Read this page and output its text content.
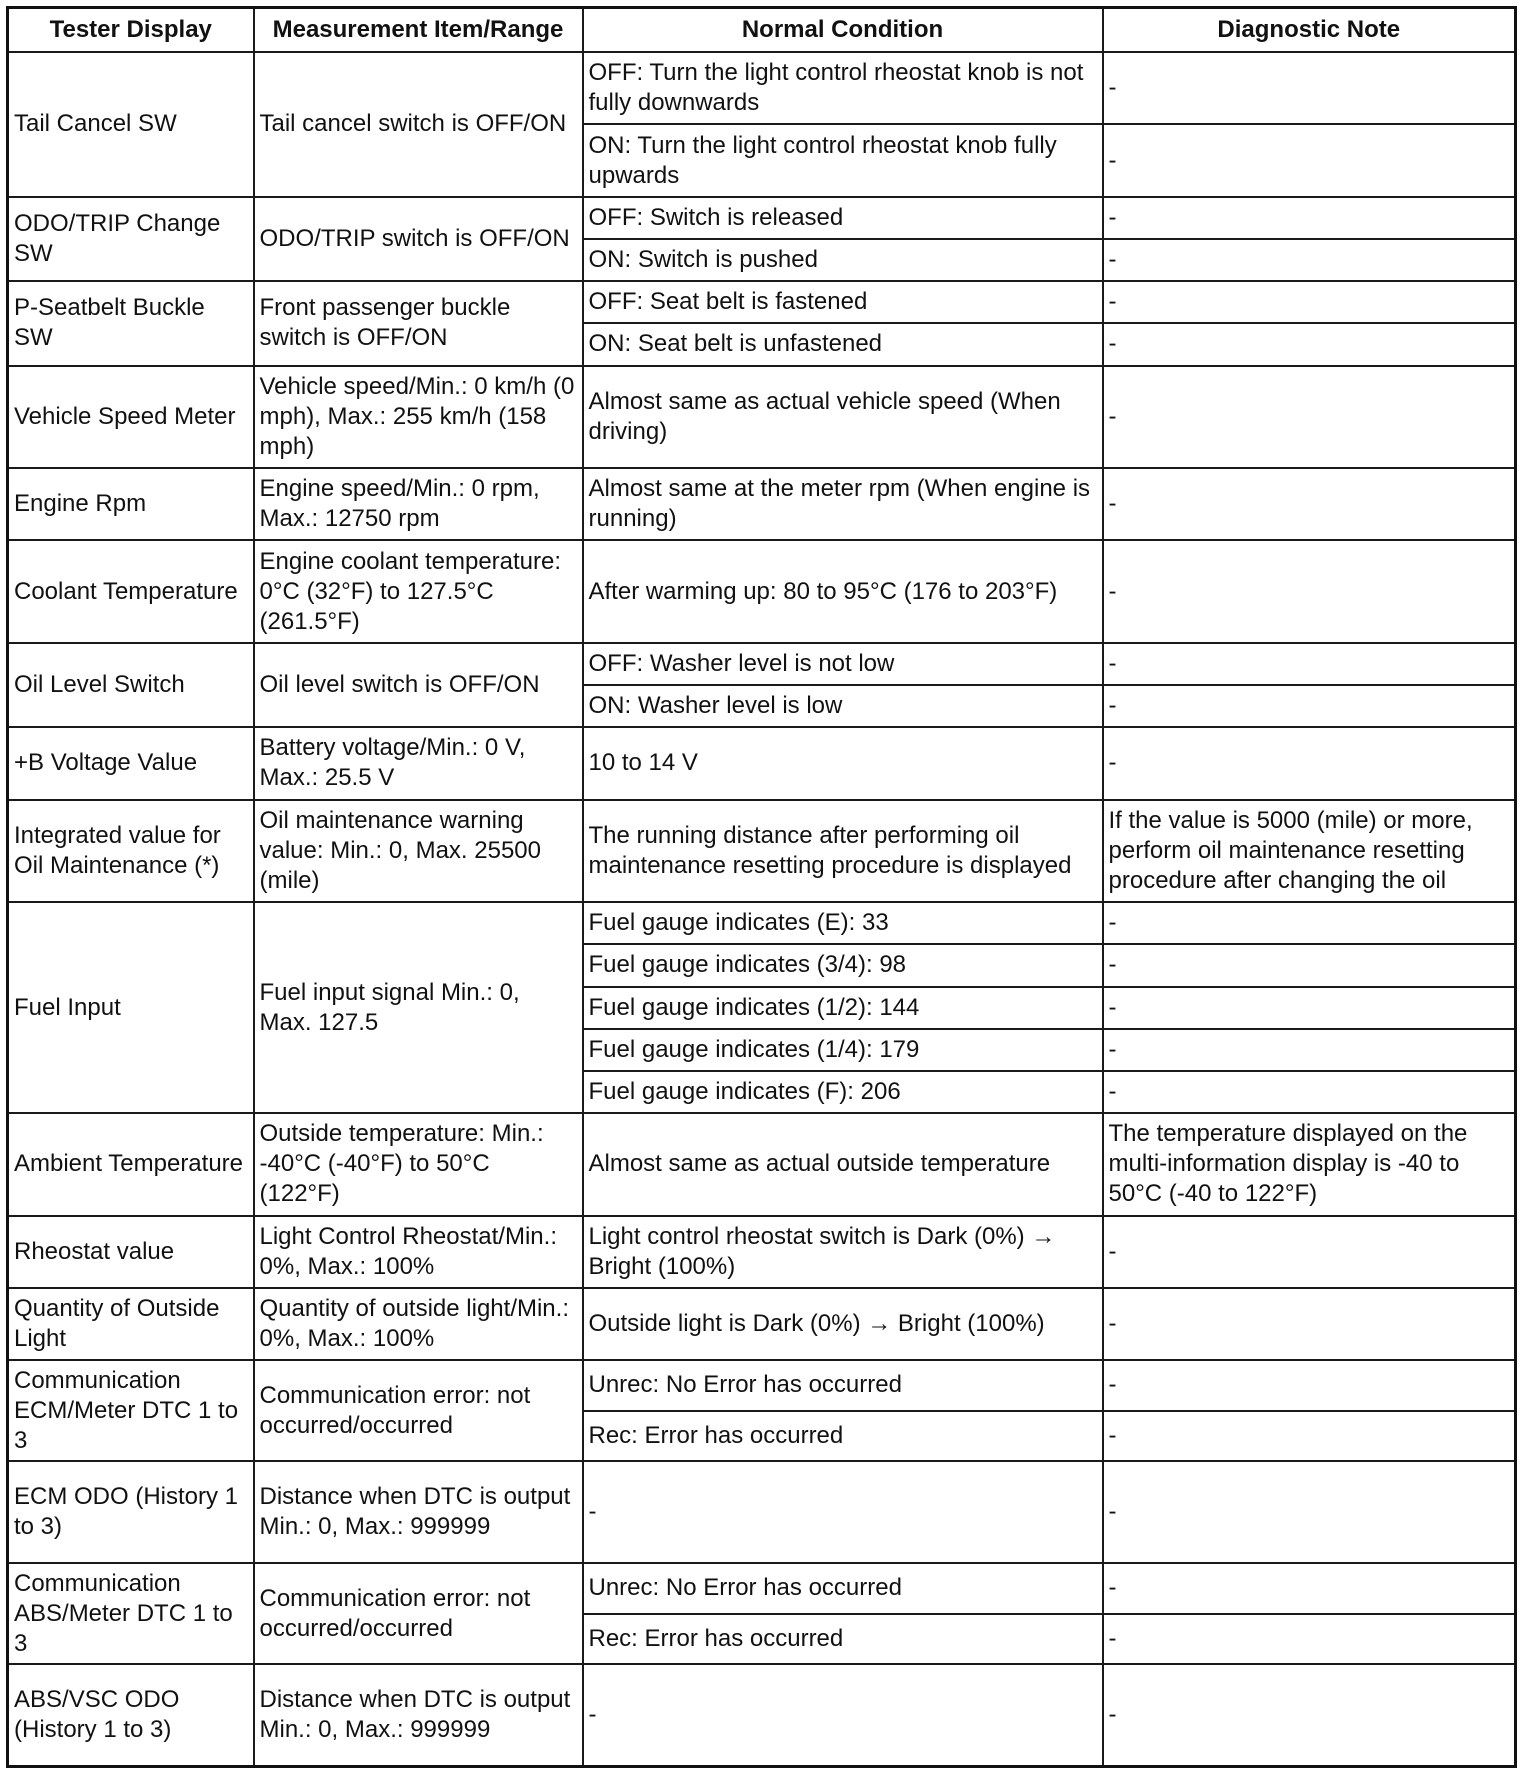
Tester Display	Measurement Item/Range	Normal Condition	Diagnostic Note
Tail Cancel SW	Tail cancel switch is OFF/ON	OFF: Turn the light control rheostat knob is not fully downwards	-
		ON: Turn the light control rheostat knob fully upwards	-
ODO/TRIP Change SW	ODO/TRIP switch is OFF/ON	OFF: Switch is released	-
		ON: Switch is pushed	-
P-Seatbelt Buckle SW	Front passenger buckle switch is OFF/ON	OFF: Seat belt is fastened	-
		ON: Seat belt is unfastened	-
Vehicle Speed Meter	Vehicle speed/Min.: 0 km/h (0 mph), Max.: 255 km/h (158 mph)	Almost same as actual vehicle speed (When driving)	-
Engine Rpm	Engine speed/Min.: 0 rpm, Max.: 12750 rpm	Almost same at the meter rpm (When engine is running)	-
Coolant Temperature	Engine coolant temperature: 0°C (32°F) to 127.5°C (261.5°F)	After warming up: 80 to 95°C (176 to 203°F)	-
Oil Level Switch	Oil level switch is OFF/ON	OFF: Washer level is not low	-
		ON: Washer level is low	-
+B Voltage Value	Battery voltage/Min.: 0 V, Max.: 25.5 V	10 to 14 V	-
Integrated value for Oil Maintenance (*)	Oil maintenance warning value: Min.: 0, Max. 25500 (mile)	The running distance after performing oil maintenance resetting procedure is displayed	If the value is 5000 (mile) or more, perform oil maintenance resetting procedure after changing the oil
Fuel Input	Fuel input signal Min.: 0, Max. 127.5	Fuel gauge indicates (E): 33	-
		Fuel gauge indicates (3/4): 98	-
		Fuel gauge indicates (1/2): 144	-
		Fuel gauge indicates (1/4): 179	-
		Fuel gauge indicates (F): 206	-
Ambient Temperature	Outside temperature: Min.: -40°C (-40°F) to 50°C (122°F)	Almost same as actual outside temperature	The temperature displayed on the multi-information display is -40 to 50°C (-40 to 122°F)
Rheostat value	Light Control Rheostat/Min.: 0%, Max.: 100%	Light control rheostat switch is Dark (0%) → Bright (100%)	-
Quantity of Outside Light	Quantity of outside light/Min.: 0%, Max.: 100%	Outside light is Dark (0%) → Bright (100%)	-
Communication ECM/Meter DTC 1 to 3	Communication error: not occurred/occurred	Unrec: No Error has occurred	-
		Rec: Error has occurred	-
ECM ODO (History 1 to 3)	Distance when DTC is output Min.: 0, Max.: 999999	-	-
Communication ABS/Meter DTC 1 to 3	Communication error: not occurred/occurred	Unrec: No Error has occurred	-
		Rec: Error has occurred	-
ABS/VSC ODO (History 1 to 3)	Distance when DTC is output Min.: 0, Max.: 999999	-	-
